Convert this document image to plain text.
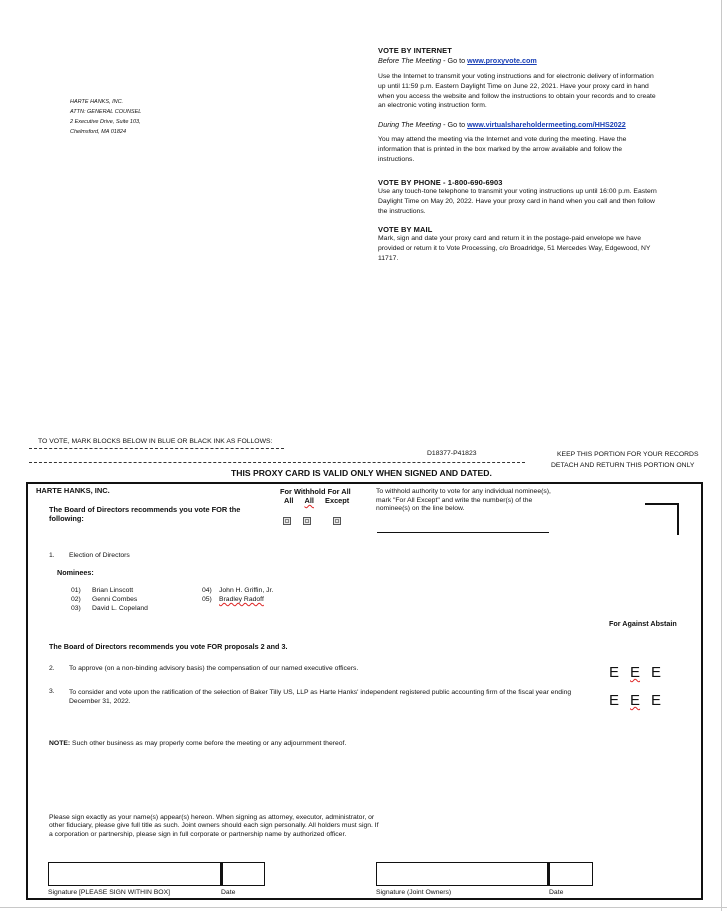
HARTE HANKS, INC.
ATTN: GENERAL COUNSEL
2 Executive Drive, Suite 103,
Chelmsford, MA 01824
VOTE BY INTERNET
Before The Meeting - Go to www.proxyvote.com
Use the Internet to transmit your voting instructions and for electronic delivery of information up until 11:59 p.m. Eastern Daylight Time on June 22, 2021. Have your proxy card in hand when you access the website and follow the instructions to obtain your records and to create an electronic voting instruction form.
During The Meeting - Go to www.virtualshareholdermeeting.com/HHS2022
You may attend the meeting via the Internet and vote during the meeting. Have the information that is printed in the box marked by the arrow available and follow the instructions.
VOTE BY PHONE - 1-800-690-6903
Use any touch-tone telephone to transmit your voting instructions up until 16:00 p.m. Eastern Daylight Time on May 20, 2022. Have your proxy card in hand when you call and then follow the instructions.
VOTE BY MAIL
Mark, sign and date your proxy card and return it in the postage-paid envelope we have provided or return it to Vote Processing, c/o Broadridge, 51 Mercedes Way, Edgewood, NY 11717.
TO VOTE, MARK BLOCKS BELOW IN BLUE OR BLACK INK AS FOLLOWS:
D18377-P41823	KEEP THIS PORTION FOR YOUR RECORDS
DETACH AND RETURN THIS PORTION ONLY
THIS PROXY CARD IS VALID ONLY WHEN SIGNED AND DATED.
HARTE HANKS, INC.
The Board of Directors recommends you vote FOR the following:
For Withhold For All
All All Except
To withhold authority to vote for any individual nominee(s), mark "For All Except" and write the number(s) of the nominee(s) on the line below.
1. Election of Directors
Nominees:
01) Brian Linscott
02) Genni Combes
03) David L. Copeland
04) John H. Griffin, Jr.
05) Bradley Radoff
For Against Abstain
The Board of Directors recommends you vote FOR proposals 2 and 3.
2. To approve (on a non-binding advisory basis) the compensation of our named executive officers.	E E E
3. To consider and vote upon the ratification of the selection of Baker Tilly US, LLP as Harte Hanks' independent registered public accounting firm of the fiscal year ending December 31, 2022.	E E E
NOTE: Such other business as may properly come before the meeting or any adjournment thereof.
Please sign exactly as your name(s) appear(s) hereon. When signing as attorney, executor, administrator, or other fiduciary, please give full title as such. Joint owners should each sign personally. All holders must sign. If a corporation or partnership, please sign in full corporate or partnership name by authorized officer.
Signature [PLEASE SIGN WITHIN BOX]	Date	Signature (Joint Owners)	Date
